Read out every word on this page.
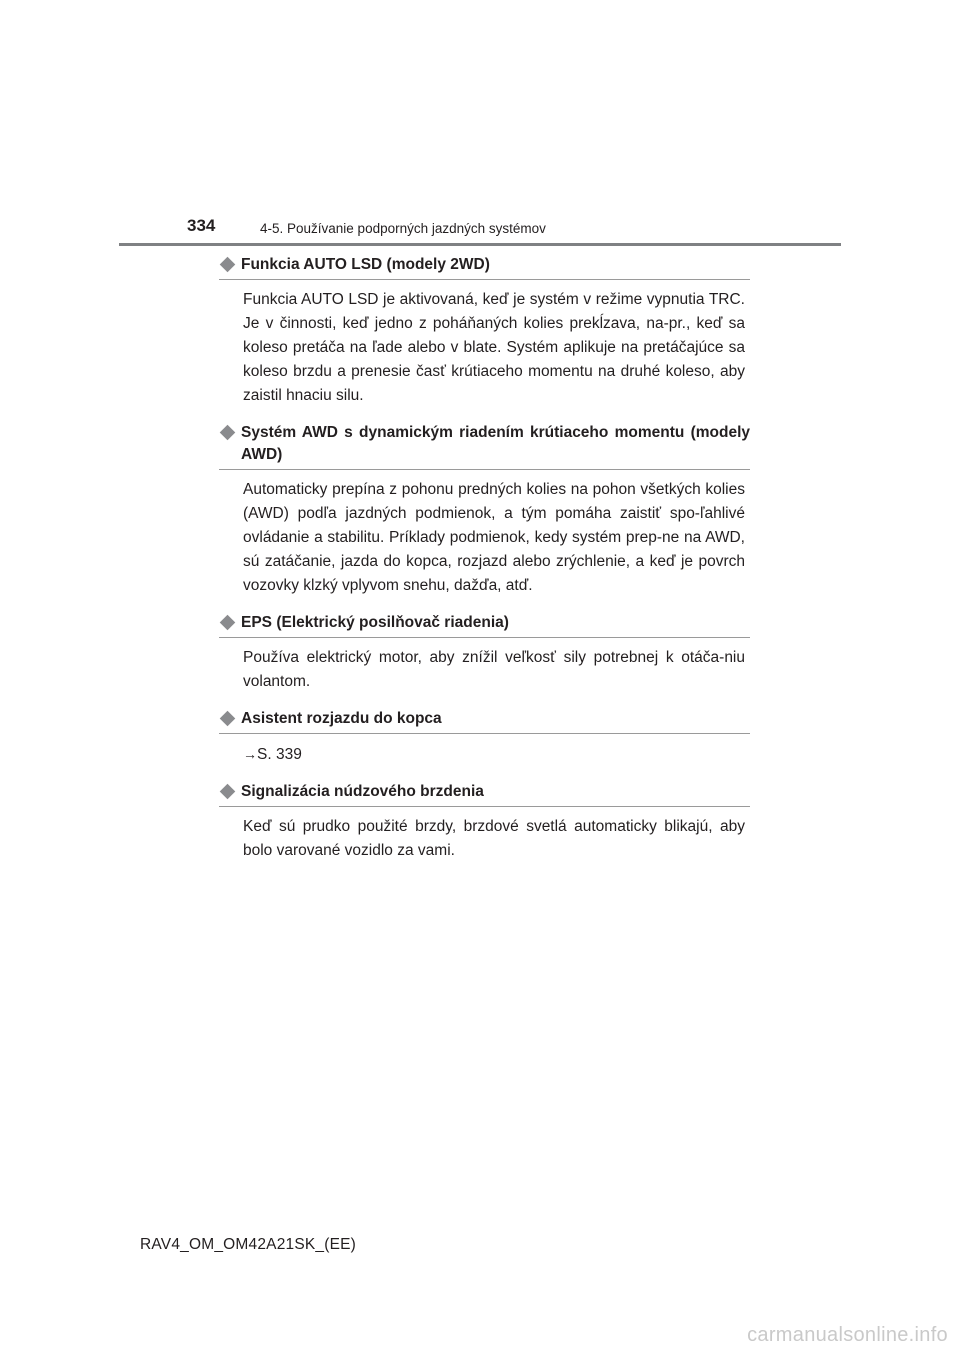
334	4-5. Používanie podporných jazdných systémov
Funkcia AUTO LSD (modely 2WD)

Funkcia AUTO LSD je aktivovaná, keď je systém v režime vypnutia TRC. Je v činnosti, keď jedno z poháňaných kolies prekĺzava, na-pr., keď sa koleso pretáča na ľade alebo v blate. Systém aplikuje na pretáčajúce sa koleso brzdu a prenesie časť krútiaceho momentu na druhé koleso, aby zaistil hnaciu silu.

Systém AWD s dynamickým riadením krútiaceho momentu (modely AWD)

Automaticky prepína z pohonu predných kolies na pohon všetkých kolies (AWD) podľa jazdných podmienok, a tým pomáha zaistiť spo-ľahlivé ovládanie a stabilitu. Príklady podmienok, kedy systém prep-ne na AWD, sú zatáčanie, jazda do kopca, rozjazd alebo zrýchlenie, a keď je povrch vozovky klzký vplyvom snehu, dažďa, atď.

EPS (Elektrický posilňovač riadenia)

Používa elektrický motor, aby znížil veľkosť sily potrebnej k otáča-niu volantom.

Asistent rozjazdu do kopca

→S. 339

Signalizácia núdzového brzdenia

Keď sú prudko použité brzdy, brzdové svetlá automaticky blikajú, aby bolo varované vozidlo za vami.

RAV4_OM_OM42A21SK_(EE)
carmanualsonline.info
